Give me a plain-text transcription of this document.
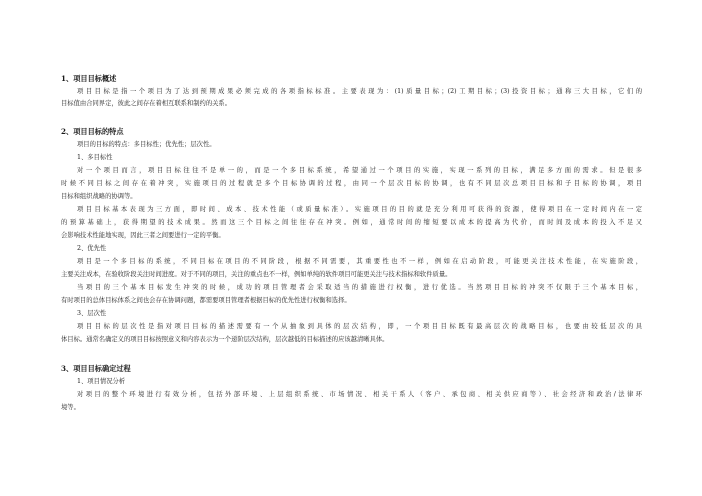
1、项目目标概述
项目目标是指一个项目为了达到预期成果必须完成的各项指标标准。主要表现为：(1)质量目标；(2)工期目标；(3)投资目标；通称三大目标，它们的
目标值由合同界定，彼此之间存在着相互联系和制约的关系。
2、项目目标的特点
项目的目标的特点：多目标性；优先性；层次性。
1、多目标性
对一个项目而言，项目目标往往不是单一的，而是一个多目标系统，希望通过一个项目的实施，实现一系列的目标，满足多方面的需求。但是很多
时候不同目标之间存在着冲突，实施项目的过程就是多个目标协调的过程，由同一个层次目标的协调，也有不同层次总项目目标和子目标的协调，项目
目标和组织战略的协调等。
项目目标基本表现为三方面，即时间、成本、技术性能（或质量标准）。实施项目的目的就是充分利用可获得的资源，使得项目在一定时间内在一定
的预算基础上，获得期望的技术成果。然而这三个目标之间往往存在冲突。例如，通常时间的缩短要以成本的提高为代价，而时间及成本的投入不足又
会影响技术性能地实现，因此三者之间要进行一定的平衡。
2、优先性
项目是一个多目标的系统，不同目标在项目的不同阶段，根据不同需要，其重要性也不一样，例如在启动阶段，可能更关注技术性能，在实施阶段，
主要关注成本，在验收阶段关注时间进度。对于不同的项目，关注的重点也不一样，例如单纯的软件项目可能更关注与技术指标和软件质量。
当项目的三个基本目标发生冲突的时候，成功的项目管理者会采取适当的措施进行权衡，进行优选。当然项目目标的冲突不仅限于三个基本目标，
有时项目的总体目标体系之间也会存在协调问题，都需要项目管理者根据目标的优先性进行权衡和选择。
3、层次性
项目目标的层次性是指对项目目标的描述需要有一个从抽象到具体的层次结构，即，一个项目目标既有最高层次的战略目标，也要由较低层次的具
体目标。通常名确定义的项目目标按照意义和内容表示为一个递阶层次结构，层次越低的目标描述的应该越清晰具体。
3、项目目标确定过程
1、项目情况分析
对项目的整个环境进行有效分析，包括外部环境、上层组织系统、市场情况、相关干系人（客户、承包商、相关供应商等）、社会经济和政治/法律环
境等。
